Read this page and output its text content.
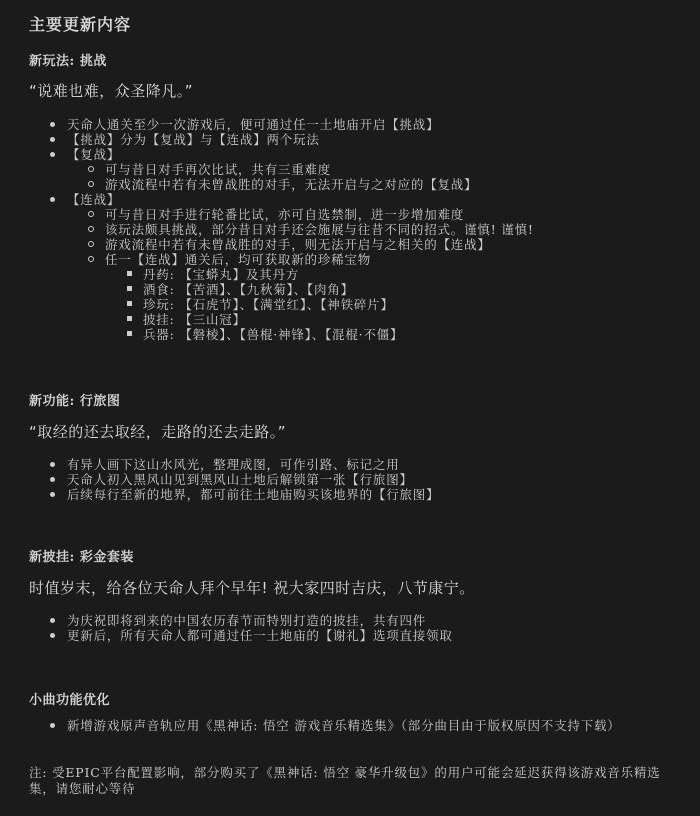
主要更新内容
新玩法: 挑战
“说难也难，众圣降凡。”
天命人通关至少一次游戏后，便可通过任一土地庙开启【挑战】
【挑战】分为【复战】与【连战】两个玩法
【复战】
可与昔日对手再次比试，共有三重难度
游戏流程中若有未曾战胜的对手，无法开启与之对应的【复战】
【连战】
可与昔日对手进行轮番比试，亦可自选禁制，进一步增加难度
该玩法颇具挑战，部分昔日对手还会施展与往昔不同的招式。谨慎! 谨慎!
游戏流程中若有未曾战胜的对手，则无法开启与之相关的【连战】
任一【连战】通关后，均可获取新的珍稀宝物
丹药: 【宝蟒丸】及其丹方
酒食: 【苦酒】、【九秋菊】、【肉角】
珍玩: 【石虎节】、【满堂红】、【神铁碎片】
披挂: 【三山冠】
兵器: 【磐棱】、【兽棍·神锋】、【混棍·不僵】
新功能: 行旅图
“取经的还去取经，走路的还去走路。”
有异人画下这山水风光，整理成图，可作引路、标记之用
天命人初入黑风山见到黑风山土地后解锁第一张【行旅图】
后续每行至新的地界，都可前往土地庙购买该地界的【行旅图】
新披挂: 彩金套装
时值岁末，给各位天命人拜个早年! 祝大家四时吉庆，八节康宁。
为庆祝即将到来的中国农历春节而特别打造的披挂，共有四件
更新后，所有天命人都可通过任一土地庙的【谢礼】选项直接领取
小曲功能优化
新增游戏原声音轨应用《黑神话: 悟空 游戏音乐精选集》（部分曲目由于版权原因不支持下载）
注: 受EPIC平台配置影响，部分购买了《黑神话: 悟空 豪华升级包》的用户可能会延迟获得该游戏音乐精选集，请您耐心等待
